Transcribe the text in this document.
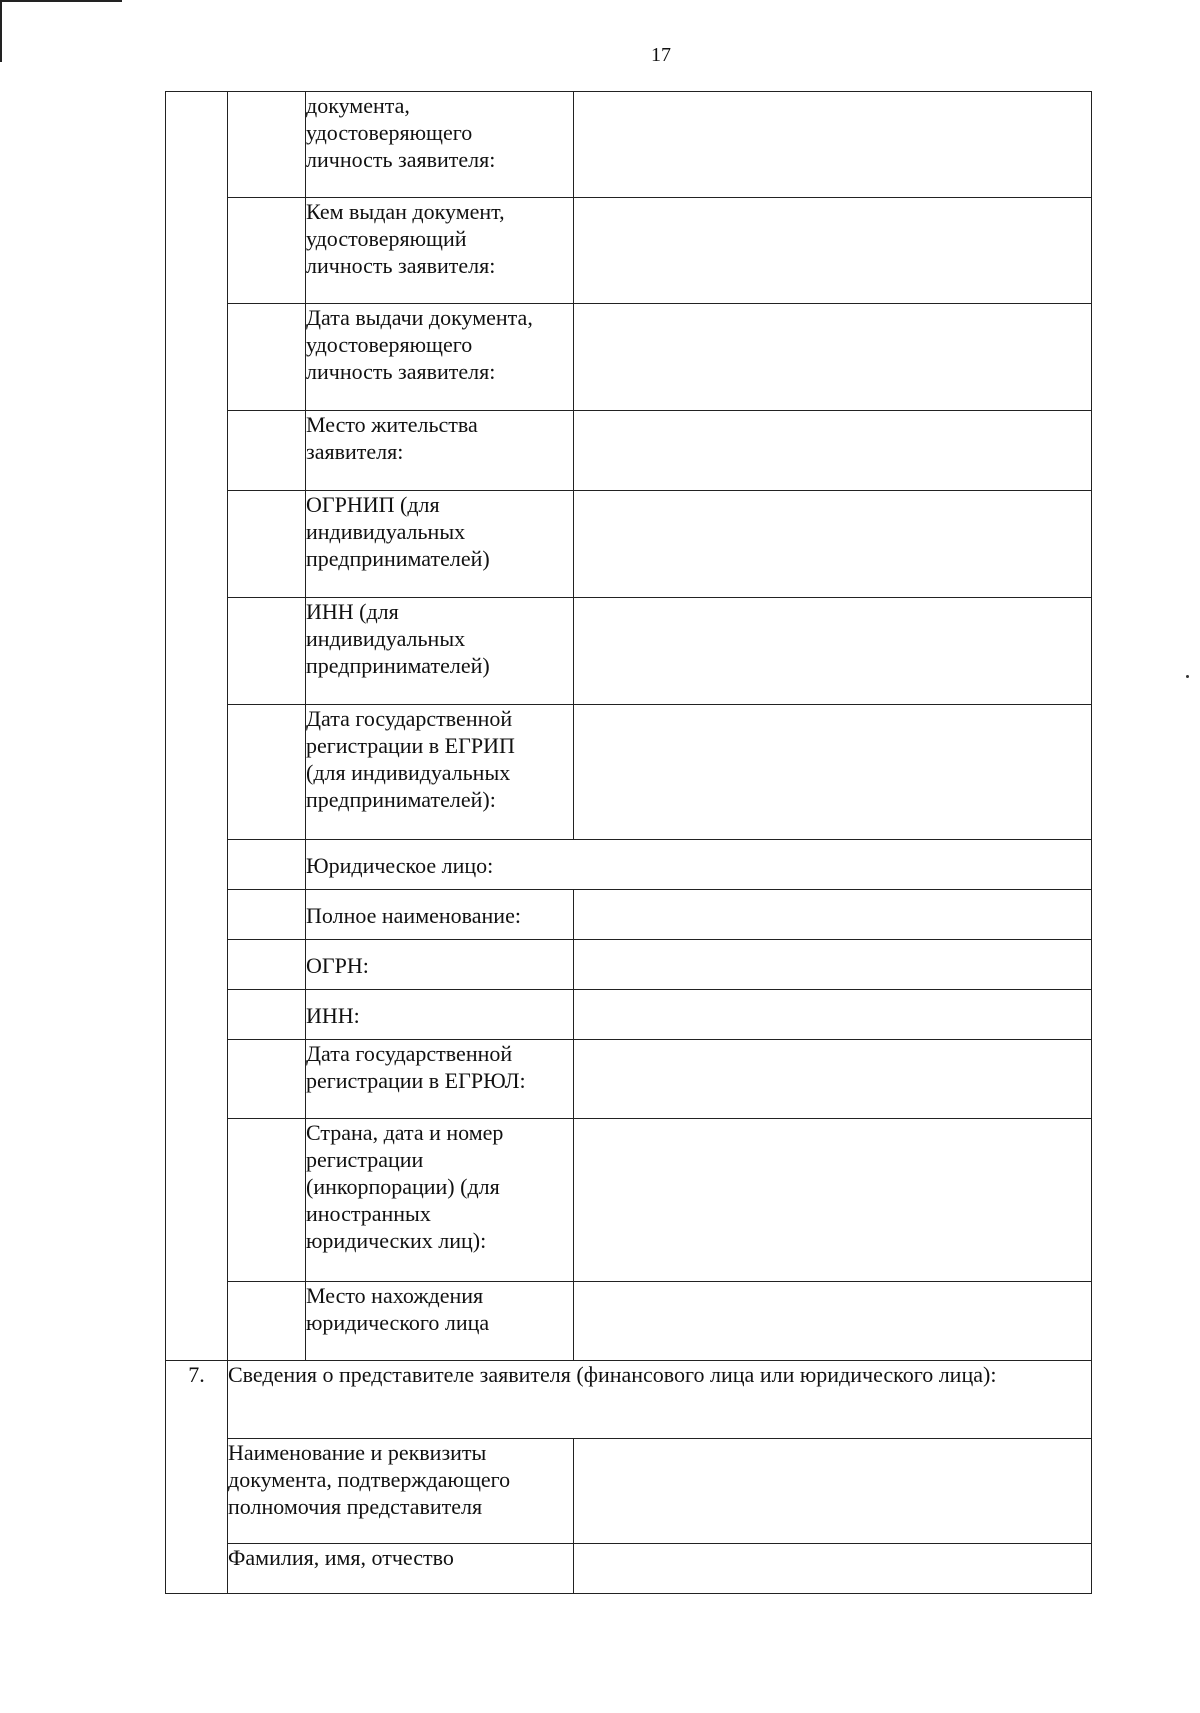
17
		документа,
удостоверяющего
личность заявителя:	
		Кем выдан документ,
удостоверяющий
личность заявителя:	
		Дата выдачи документа,
удостоверяющего
личность заявителя:	
		Место жительства
заявителя:	
		ОГРНИП (для
индивидуальных
предпринимателей)	
		ИНН (для
индивидуальных
предпринимателей)	
		Дата государственной
регистрации в ЕГРИП
(для индивидуальных
предпринимателей):	
		Юридическое лицо:	
		Полное наименование:	
		ОГРН:	
		ИНН:	
		Дата государственной
регистрации в ЕГРЮЛ:	
		Страна, дата и номер
регистрации
(инкорпорации) (для
иностранных
юридических лиц):	
		Место нахождения
юридического лица	
7.	Сведения о представителе заявителя (финансового лица или юридического лица):		
	Наименование и реквизиты
документа, подтверждающего
полномочия представителя		
	Фамилия, имя, отчество		
